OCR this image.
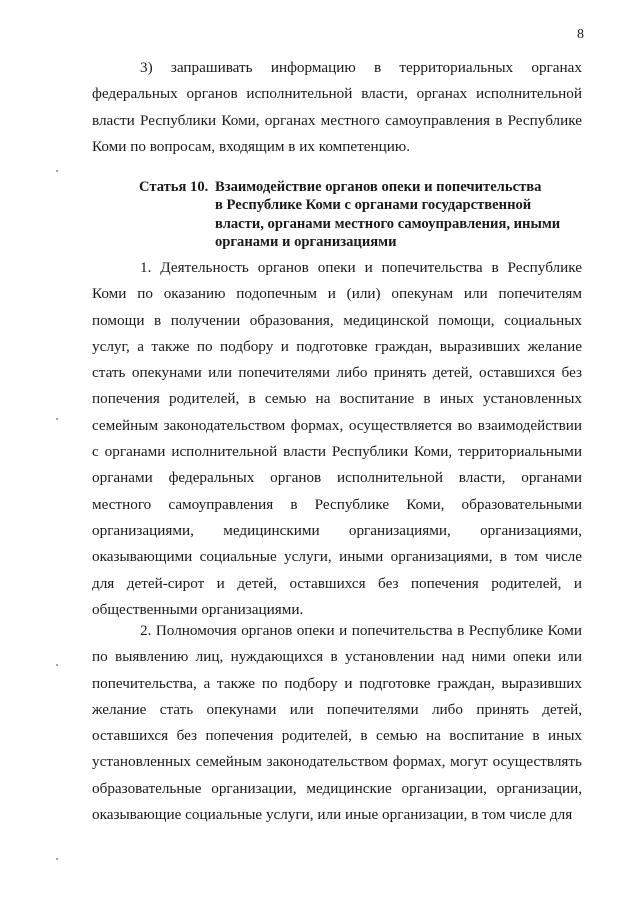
8

3) запрашивать информацию в территориальных органах федеральных органов исполнительной власти, органах исполнительной власти Республики Коми, органах местного самоуправления в Республике Коми по вопросам, входящим в их компетенцию.

Статья 10. Взаимодействие органов опеки и попечительства
в Республике Коми с органами государственной
власти, органами местного самоуправления, иными
органами и организациями

1. Деятельность органов опеки и попечительства в Республике Коми по оказанию подопечным и (или) опекунам или попечителям помощи в получении образования, медицинской помощи, социальных услуг, а также по подбору и подготовке граждан, выразивших желание стать опекунами или попечителями либо принять детей, оставшихся без попечения родителей, в семью на воспитание в иных установленных семейным законодательством формах, осуществляется во взаимодействии с органами исполнительной власти Республики Коми, территориальными органами федеральных органов исполнительной власти, органами местного самоуправления в Республике Коми, образовательными организациями, медицинскими организациями, организациями, оказывающими социальные услуги, иными организациями, в том числе для детей-сирот и детей, оставшихся без попечения родителей, и общественными организациями.

2. Полномочия органов опеки и попечительства в Республике Коми по выявлению лиц, нуждающихся в установлении над ними опеки или попечительства, а также по подбору и подготовке граждан, выразивших желание стать опекунами или попечителями либо принять детей, оставшихся без попечения родителей, в семью на воспитание в иных установленных семейным законодательством формах, могут осуществлять образовательные организации, медицинские организации, организации, оказывающие социальные услуги, или иные организации, в том числе для
